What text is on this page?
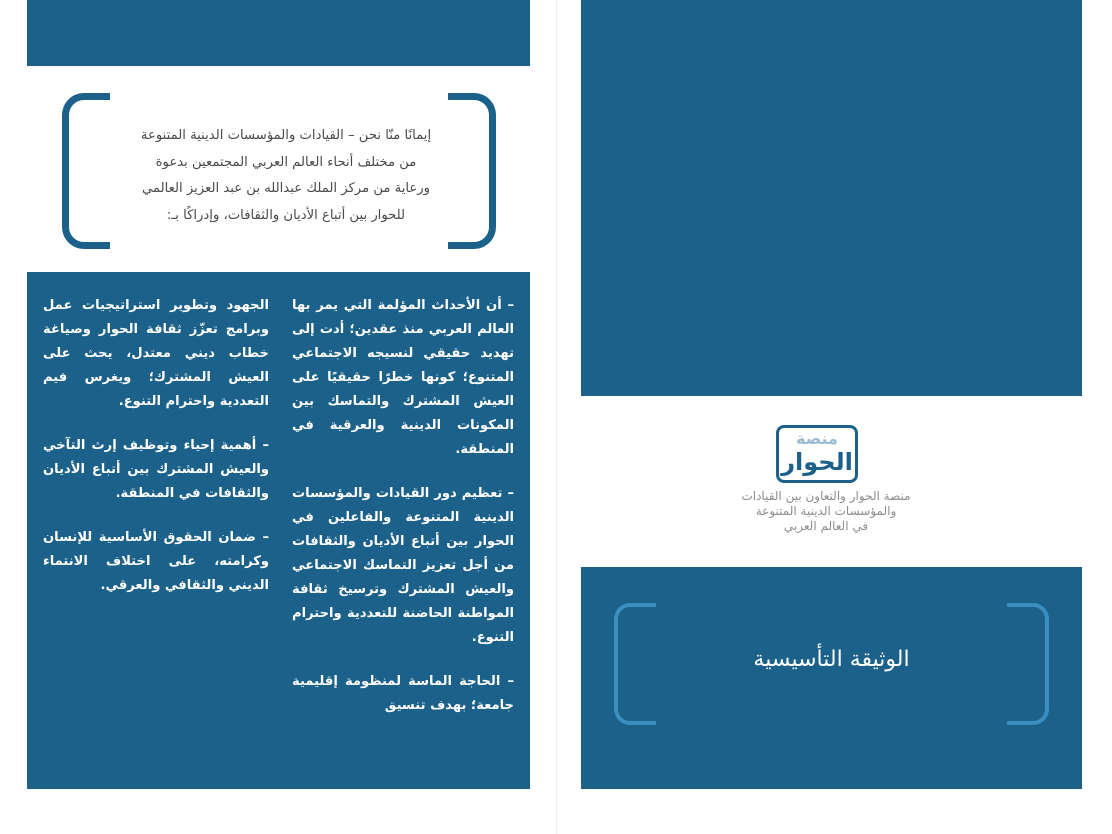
إيمانًا منّا نحن – القيادات والمؤسسات الدينية المتنوعة

من مختلف أنحاء العالم العربي المجتمعين بدعوة

ورعاية من مركز الملك عبدالله بن عبد العزيز العالمي

للحوار بين أتباع الأديان والثقافات، وإدراكًا بـ:

– أن الأحداث المؤلمة التي يمر بها العالم العربي منذ عقدين؛ أدت إلى تهديد حقيقي لنسيجه الاجتماعي المتنوع؛ كونها خطرًا حقيقيًا على العيش المشترك والتماسك بين المكونات الدينية والعرقية في المنطقة.

– تعظيم دور القيادات والمؤسسات الدينية المتنوعة والفاعلين في الحوار بين أتباع الأديان والثقافات من أجل تعزيز التماسك الاجتماعي والعيش المشترك وترسيخ ثقافة المواطنة الحاضنة للتعددية واحترام التنوع.

– الحاجة الماسة لمنظومة إقليمية جامعة؛ بهدف تنسيق

الجهود وتطوير استراتيجيات عمل وبرامج تعزّز ثقافة الحوار وصياغة خطاب ديني معتدل، يحث على العيش المشترك؛ ويغرس فيم التعددية واحترام التنوع.

– أهمية إحياء وتوظيف إرث التآخي والعيش المشترك بين أتباع الأديان والثقافات في المنطقة.

– ضمان الحقوق الأساسية للإنسان وكرامته، على اختلاف الانتماء الديني والثقافي والعرقي.

منصة
الحوار
منصة الحوار والتعاون بين القيادات
والمؤسسات الدينية المتنوعة
في العالم العربي
الوثيقة التأسيسية
